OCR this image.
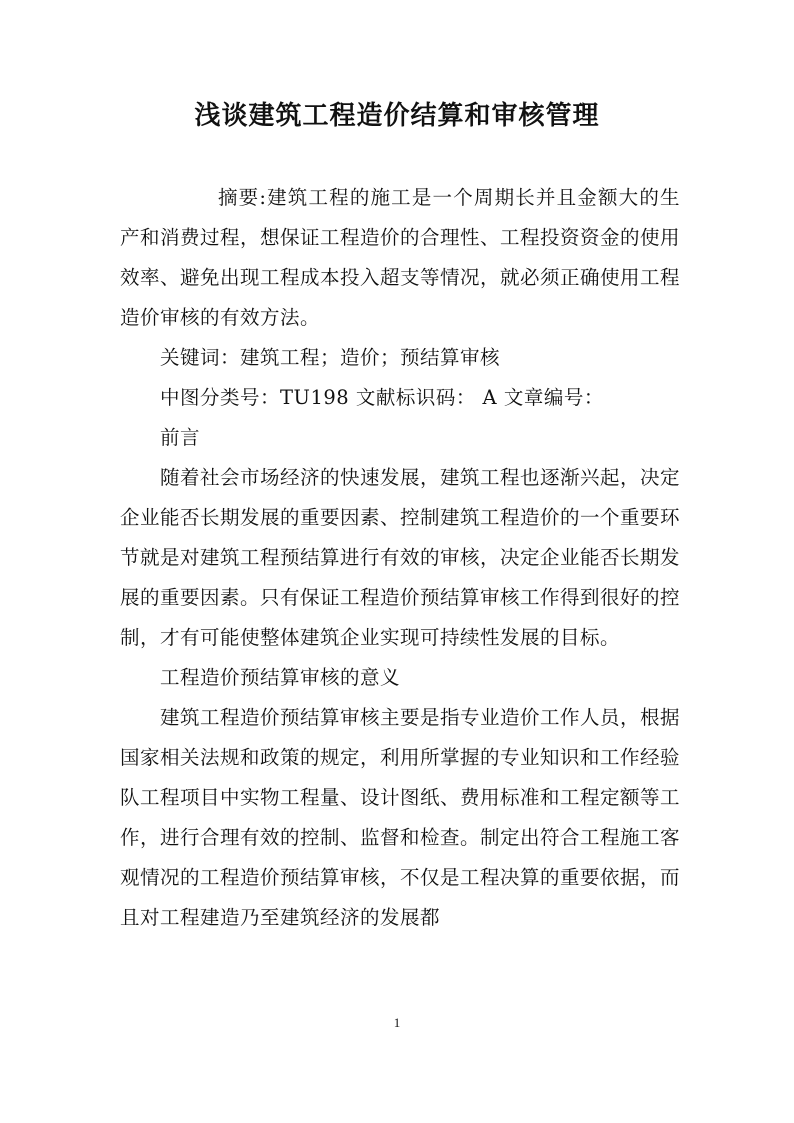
浅谈建筑工程造价结算和审核管理

摘要:建筑工程的施工是一个周期长并且金额大的生产和消费过程，想保证工程造价的合理性、工程投资资金的使用效率、避免出现工程成本投入超支等情况，就必须正确使用工程造价审核的有效方法。

关键词：建筑工程；造价；预结算审核

中图分类号：TU198 文献标识码： A 文章编号：

前言

随着社会市场经济的快速发展，建筑工程也逐渐兴起，决定企业能否长期发展的重要因素、控制建筑工程造价的一个重要环节就是对建筑工程预结算进行有效的审核，决定企业能否长期发展的重要因素。只有保证工程造价预结算审核工作得到很好的控制，才有可能使整体建筑企业实现可持续性发展的目标。

工程造价预结算审核的意义

建筑工程造价预结算审核主要是指专业造价工作人员，根据国家相关法规和政策的规定，利用所掌握的专业知识和工作经验队工程项目中实物工程量、设计图纸、费用标准和工程定额等工作，进行合理有效的控制、监督和检查。制定出符合工程施工客观情况的工程造价预结算审核，不仅是工程决算的重要依据，而且对工程建造乃至建筑经济的发展都

1
